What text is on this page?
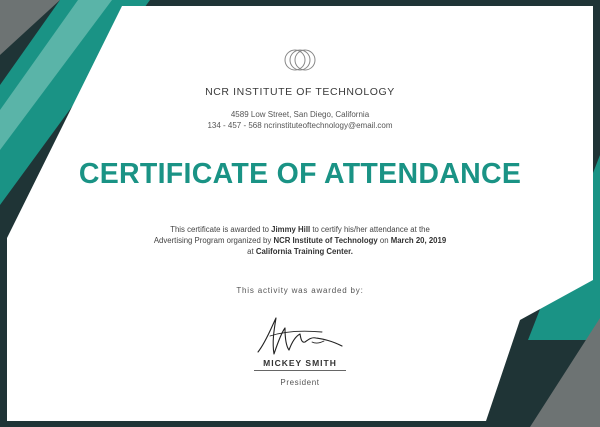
NCR INSTITUTE OF TECHNOLOGY
4589 Low Street, San Diego, California
134 - 457 - 568 ncrinstituteoftechnology@email.com
CERTIFICATE OF ATTENDANCE
This certificate is awarded to Jimmy Hill to certify his/her attendance at the
Advertising Program organized by NCR Institute of Technology on March 20, 2019
at California Training Center.
This activity was awarded by:
MICKEY SMITH
President
